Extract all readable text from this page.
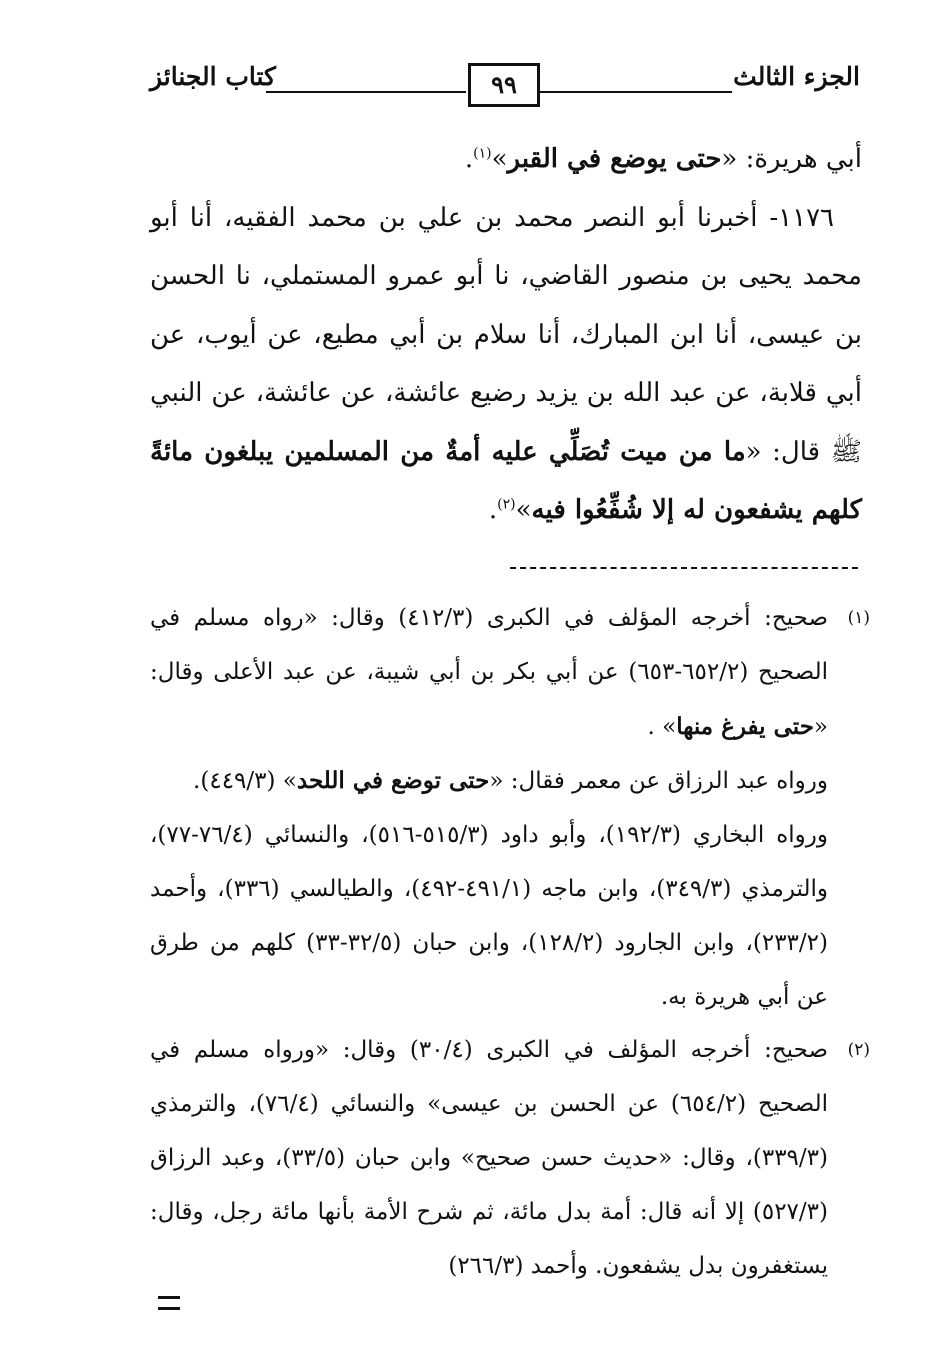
الجزء الثالث
٩٩
كتاب الجنائز

أبي هريرة: «حتى يوضع في القبر»$^{(١)}$.

١١٧٦- أخبرنا أبو النصر محمد بن علي بن محمد الفقيه، أنا أبو محمد يحيى بن منصور القاضي، نا أبو عمرو المستملي، نا الحسن بن عيسى، أنا ابن المبارك، أنا سلام بن أبي مطيع، عن أيوب، عن أبي قلابة، عن عبد الله بن يزيد رضيع عائشة، عن عائشة، عن النبي ﷺ قال: «ما من ميت تُصَلِّي عليه أمةٌ من المسلمين يبلغون مائةً كلهم يشفعون له إلا شُفِّعُوا فيه»$^{(٢)}$.

(١)

صحيح: أخرجه المؤلف في الكبرى (٤١٢/٣) وقال: «رواه مسلم في الصحيح (٦٥٢/٢-٦٥٣) عن أبي بكر بن أبي شيبة، عن عبد الأعلى وقال: «حتى يفرغ منها» .

ورواه عبد الرزاق عن معمر فقال: «حتى توضع في اللحد» (٤٤٩/٣).

ورواه البخاري (١٩٢/٣)، وأبو داود (٥١٥/٣-٥١٦)، والنسائي (٧٦/٤-٧٧)، والترمذي (٣٤٩/٣)، وابن ماجه (٤٩١/١-٤٩٢)، والطيالسي (٣٣٦)، وأحمد (٢٣٣/٢)، وابن الجارود (١٢٨/٢)، وابن حبان (٣٢/٥-٣٣) كلهم من طرق عن أبي هريرة به.

(٢)

صحيح: أخرجه المؤلف في الكبرى (٣٠/٤) وقال: «ورواه مسلم في الصحيح (٦٥٤/٢) عن الحسن بن عيسى» والنسائي (٧٦/٤)، والترمذي (٣٣٩/٣)، وقال: «حديث حسن صحيح» وابن حبان (٣٣/٥)، وعبد الرزاق (٥٢٧/٣) إلا أنه قال: أمة بدل مائة، ثم شرح الأمة بأنها مائة رجل، وقال: يستغفرون بدل يشفعون. وأحمد (٢٦٦/٣)
